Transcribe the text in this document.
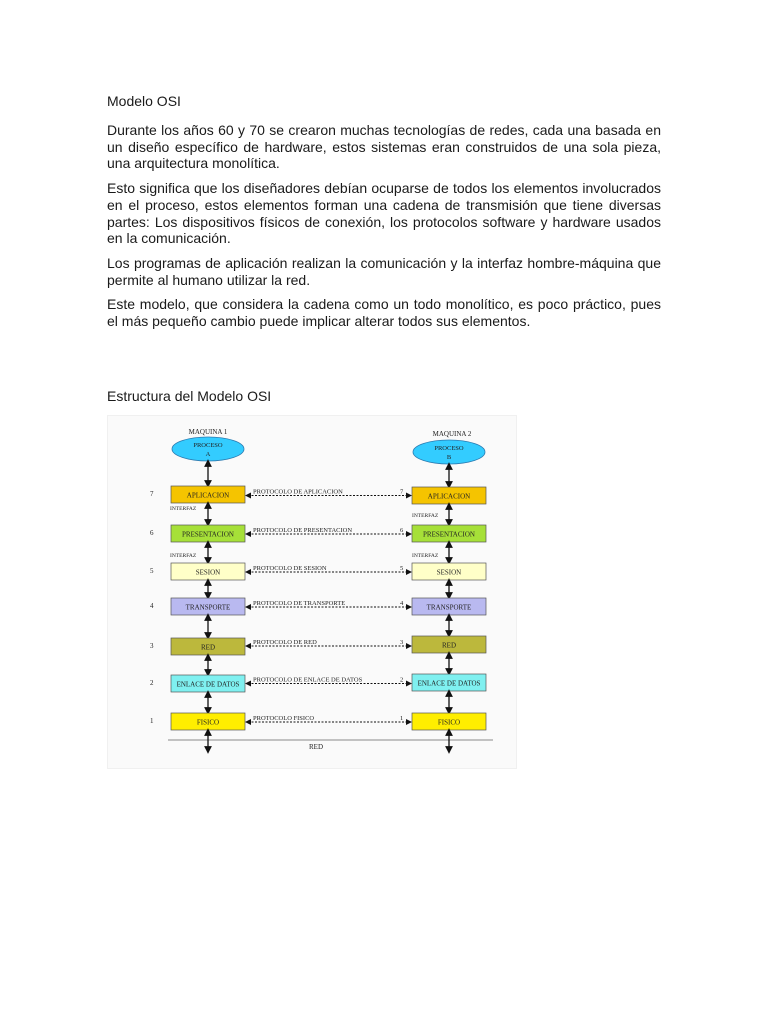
Modelo OSI

Durante los años 60 y 70 se crearon muchas tecnologías de redes, cada una basada en un diseño específico de hardware, estos sistemas eran construidos de una sola pieza, una arquitectura monolítica.

Esto significa que los diseñadores debían ocuparse de todos los elementos involucrados en el proceso, estos elementos forman una cadena de transmisión que tiene diversas partes: Los dispositivos físicos de conexión, los protocolos software y hardware usados en la comunicación.

Los programas de aplicación realizan la comunicación y la interfaz hombre-máquina que permite al humano utilizar la red.

Este modelo, que considera la cadena como un todo monolítico, es poco práctico, pues el más pequeño cambio puede implicar alterar todos sus elementos.

Estructura del Modelo OSI

MAQUINA 1	MAQUINA 2
PROCESO
A
PROCESO
B
INTERFAZ
INTERFAZ
INTERFAZ	INTERFAZ
RED
7	APLICACION	APLICACION
PROTOCOLO DE APLICACION	7
6	PRESENTACION	PRESENTACION
PROTOCOLO DE PRESENTACION	6
5	SESION	SESION
PROTOCOLO DE SESION	5
4	TRANSPORTE	TRANSPORTE
PROTOCOLO DE TRANSPORTE	4
3	RED	RED
PROTOCOLO DE RED	3
2	ENLACE DE DATOS	ENLACE DE DATOS
PROTOCOLO DE ENLACE DE DATOS	2
1	FISICO	FISICO
PROTOCOLO FISICO	1
